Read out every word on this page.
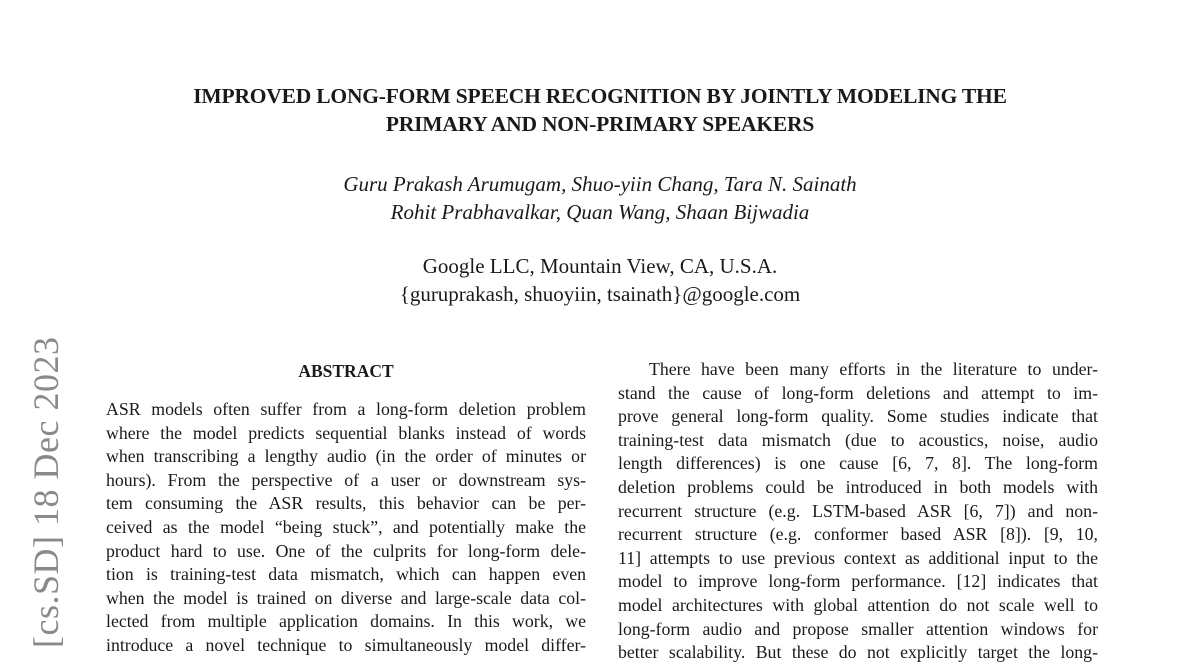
IMPROVED LONG-FORM SPEECH RECOGNITION BY JOINTLY MODELING THE
PRIMARY AND NON-PRIMARY SPEAKERS
Guru Prakash Arumugam, Shuo-yiin Chang, Tara N. Sainath
Rohit Prabhavalkar, Quan Wang, Shaan Bijwadia
Google LLC, Mountain View, CA, U.S.A.
{guruprakash, shuoyiin, tsainath}@google.com
[cs.SD] 18 Dec 2023	ABSTRACT
ASR models often suffer from a long-form deletion problem
where the model predicts sequential blanks instead of words
when transcribing a lengthy audio (in the order of minutes or
hours). From the perspective of a user or downstream sys-
tem consuming the ASR results, this behavior can be per-
ceived as the model “being stuck”, and potentially make the
product hard to use. One of the culprits for long-form dele-
tion is training-test data mismatch, which can happen even
when the model is trained on diverse and large-scale data col-
lected from multiple application domains. In this work, we
introduce a novel technique to simultaneously model differ-
There have been many efforts in the literature to under-
stand the cause of long-form deletions and attempt to im-
prove general long-form quality. Some studies indicate that
training-test data mismatch (due to acoustics, noise, audio
length differences) is one cause [6, 7, 8]. The long-form
deletion problems could be introduced in both models with
recurrent structure (e.g. LSTM-based ASR [6, 7]) and non-
recurrent structure (e.g. conformer based ASR [8]). [9, 10,
11] attempts to use previous context as additional input to the
model to improve long-form performance. [12] indicates that
model architectures with global attention do not scale well to
long-form audio and propose smaller attention windows for
better scalability. But these do not explicitly target the long-
